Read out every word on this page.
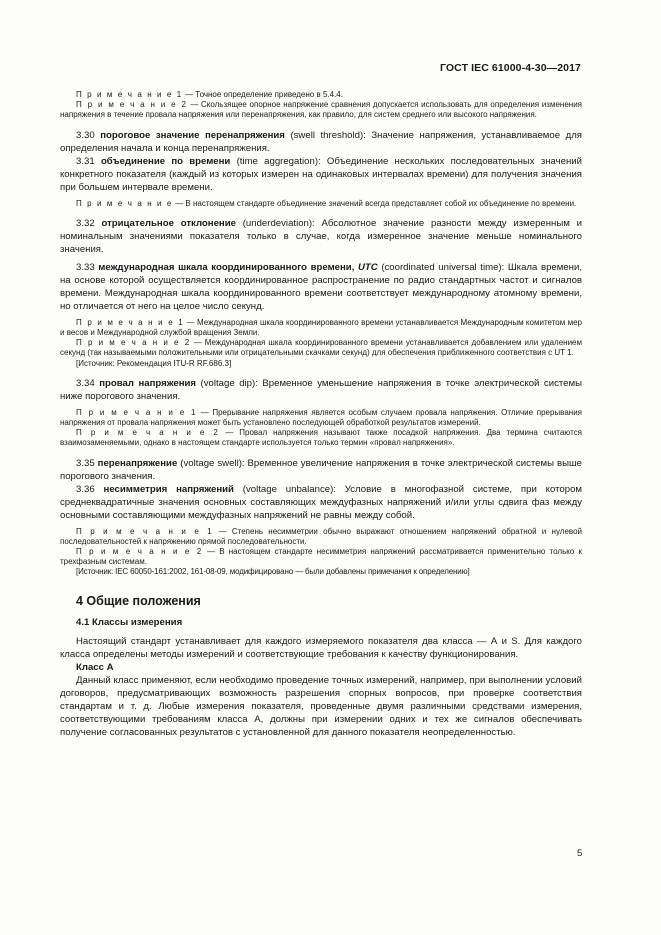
ГОСТ IEC 61000-4-30—2017

П р и м е ч а н и е 1 — Точное определение приведено в 5.4.4.

П р и м е ч а н и е 2 — Скользящее опорное напряжение сравнения допускается использовать для определения изменения напряжения в течение провала напряжения или перенапряжения, как правило, для систем среднего или высокого напряжения.

3.30 пороговое значение перенапряжения (swell threshold): Значение напряжения, устанавливаемое для определения начала и конца перенапряжения.

3.31 объединение по времени (time aggregation): Объединение нескольких последовательных значений конкретного показателя (каждый из которых измерен на одинаковых интервалах времени) для получения значения при большем интервале времени.

П р и м е ч а н и е — В настоящем стандарте объединение значений всегда представляет собой их объединение по времени.

3.32 отрицательное отклонение (underdeviation): Абсолютное значение разности между измеренным и номинальным значениями показателя только в случае, когда измеренное значение меньше номинального значения.

3.33 международная шкала координированного времени, UTC (coordinated universal time): Шкала времени, на основе которой осуществляется координированное распространение по радио стандартных частот и сигналов времени. Международная шкала координированного времени соответствует международному атомному времени, но отличается от него на целое число секунд.

П р и м е ч а н и е 1 — Международная шкала координированного времени устанавливается Международным комитетом мер и весов и Международной службой вращения Земли.

П р и м е ч а н и е 2 — Международная шкала координированного времени устанавливается добавлением или удалением секунд (так называемыми положительными или отрицательными скачками секунд) для обеспечения приближенного соответствия с UT 1.

[Источник: Рекомендация ITU-R RF.686.3]

3.34 провал напряжения (voltage dip): Временное уменьшение напряжения в точке электрической системы ниже порогового значения.

П р и м е ч а н и е 1 — Прерывание напряжения является особым случаем провала напряжения. Отличие прерывания напряжения от провала напряжения может быть установлено последующей обработкой результатов измерений.

П р и м е ч а н и е 2 — Провал напряжения называют также посадкой напряжения. Два термина считаются взаимозаменяемыми, однако в настоящем стандарте используется только термин «провал напряжения».

3.35 перенапряжение (voltage swell): Временное увеличение напряжения в точке электрической системы выше порогового значения.

3.36 несимметрия напряжений (voltage unbalance): Условие в многофазной системе, при котором среднеквадратичные значения основных составляющих междуфазных напряжений и/или углы сдвига фаз между основными составляющими междуфазных напряжений не равны между собой.

П р и м е ч а н и е 1 — Степень несимметрии обычно выражают отношением напряжений обратной и нулевой последовательностей к напряжению прямой последовательности.

П р и м е ч а н и е 2 — В настоящем стандарте несимметрия напряжений рассматривается применительно только к трехфазным системам.

[Источник: IEC 60050-161:2002, 161-08-09, модифицировано — были добавлены примечания к определению]

4 Общие положения
4.1 Классы измерения

Настоящий стандарт устанавливает для каждого измеряемого показателя два класса — А и S. Для каждого класса определены методы измерений и соответствующие требования к качеству функционирования.

Класс А

Данный класс применяют, если необходимо проведение точных измерений, например, при выполнении условий договоров, предусматривающих возможность разрешения спорных вопросов, при проверке соответствия стандартам и т. д. Любые измерения показателя, проведенные двумя различными средствами измерения, соответствующими требованиям класса А, должны при измерении одних и тех же сигналов обеспечивать получение согласованных результатов с установленной для данного показателя неопределенностью.

5
